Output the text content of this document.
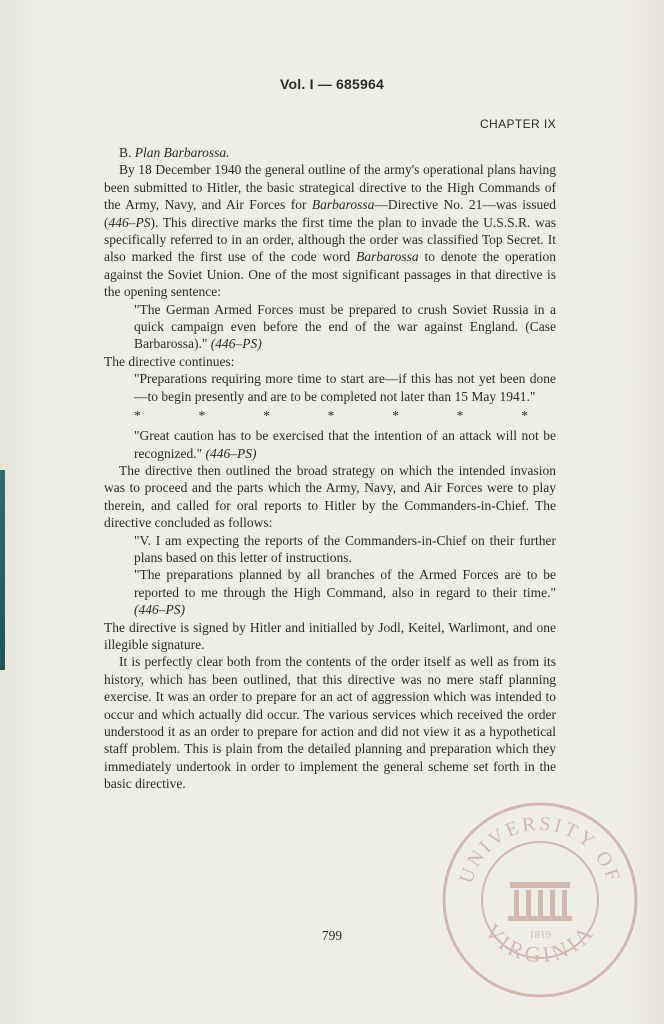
Vol. I — 685964
CHAPTER IX

B. Plan Barbarossa.

By 18 December 1940 the general outline of the army's operational plans having been submitted to Hitler, the basic strategical directive to the High Commands of the Army, Navy, and Air Forces for Barbarossa—Directive No. 21—was issued (446–PS). This directive marks the first time the plan to invade the U.S.S.R. was specifically referred to in an order, although the order was classified Top Secret. It also marked the first use of the code word Barbarossa to denote the operation against the Soviet Union. One of the most significant passages in that directive is the opening sentence:

"The German Armed Forces must be prepared to crush Soviet Russia in a quick campaign even before the end of the war against England. (Case Barbarossa)." (446–PS)

The directive continues:

"Preparations requiring more time to start are—if this has not yet been done—to begin presently and are to be completed not later than 15 May 1941."

*	*	*	*	*	*	*

"Great caution has to be exercised that the intention of an attack will not be recognized." (446–PS)

The directive then outlined the broad strategy on which the intended invasion was to proceed and the parts which the Army, Navy, and Air Forces were to play therein, and called for oral reports to Hitler by the Commanders-in-Chief. The directive concluded as follows:

"V. I am expecting the reports of the Commanders-in-Chief on their further plans based on this letter of instructions.

"The preparations planned by all branches of the Armed Forces are to be reported to me through the High Command, also in regard to their time." (446–PS)

The directive is signed by Hitler and initialled by Jodl, Keitel, Warlimont, and one illegible signature.

It is perfectly clear both from the contents of the order itself as well as from its history, which has been outlined, that this directive was no mere staff planning exercise. It was an order to prepare for an act of aggression which was intended to occur and which actually did occur. The various services which received the order understood it as an order to prepare for action and did not view it as a hypothetical staff problem. This is plain from the detailed planning and preparation which they immediately undertook in order to implement the general scheme set forth in the basic directive.

799
UNIVERSITY OF
VIRGINIA
1819
